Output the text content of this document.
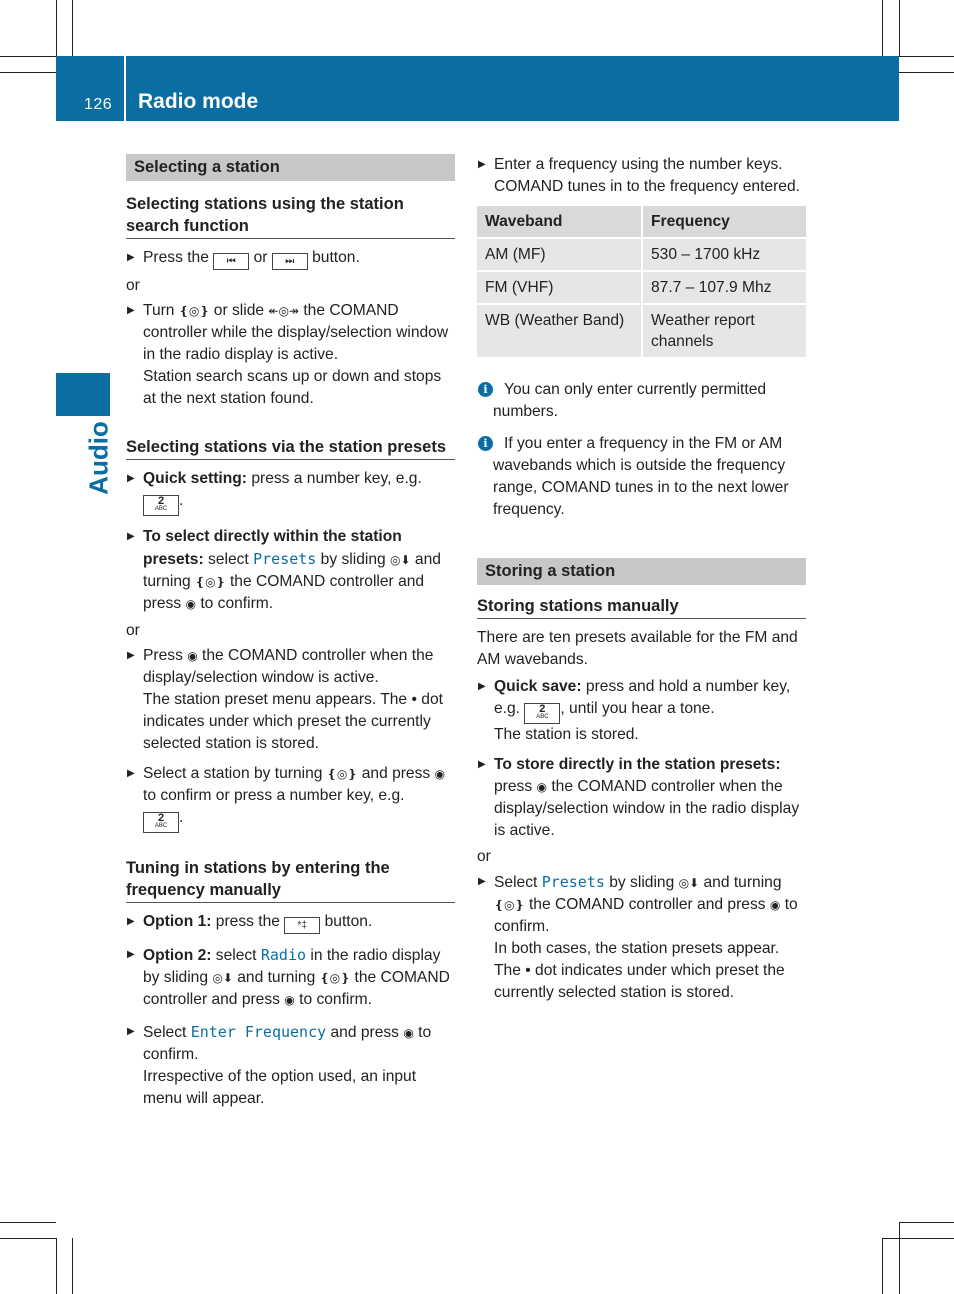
126 Radio mode
Audio
Selecting a station
Selecting stations using the station search function
▶ Press the ⏮ or ⏭ button.
or
▶ Turn ❴◎❵ or slide ↞◎↠ the COMAND controller while the display/selection window in the radio display is active.
Station search scans up or down and stops at the next station found.
Selecting stations via the station presets
▶ Quick setting: press a number key, e.g.
2
ABC .
▶ To select directly within the station presets: select Presets by sliding ◎⬇ and turning ❴◎❵ the COMAND controller and press ◉ to confirm.
or
▶ Press ◉ the COMAND controller when the display/selection window is active.
The station preset menu appears. The • dot indicates under which preset the currently selected station is stored.
▶ Select a station by turning ❴◎❵ and press ◉ to confirm or press a number key, e.g.
2
ABC .
Tuning in stations by entering the frequency manually
▶ Option 1: press the *‡ button.
▶ Option 2: select Radio in the radio display by sliding ◎⬇ and turning ❴◎❵ the COMAND controller and press ◉ to confirm.
▶ Select Enter Frequency and press ◉ to confirm.
Irrespective of the option used, an input menu will appear.
▶ Enter a frequency using the number keys.
COMAND tunes in to the frequency entered.
Waveband	Frequency
AM (MF)	530 – 1700 kHz
FM (VHF)	87.7 – 107.9 Mhz
WB (Weather Band)	Weather report channels
i	You can only enter currently permitted numbers.
i	If you enter a frequency in the FM or AM wavebands which is outside the frequency range, COMAND tunes in to the next lower frequency.
Storing a station
Storing stations manually
There are ten presets available for the FM and AM wavebands.
▶ Quick save: press and hold a number key, e.g. 2
ABC , until you hear a tone.
The station is stored.
▶ To store directly in the station presets: press ◉ the COMAND controller when the display/selection window in the radio display is active.
or
▶ Select Presets by sliding ◎⬇ and turning ❴◎❵ the COMAND controller and press ◉ to confirm.
In both cases, the station presets appear.
The • dot indicates under which preset the currently selected station is stored.
